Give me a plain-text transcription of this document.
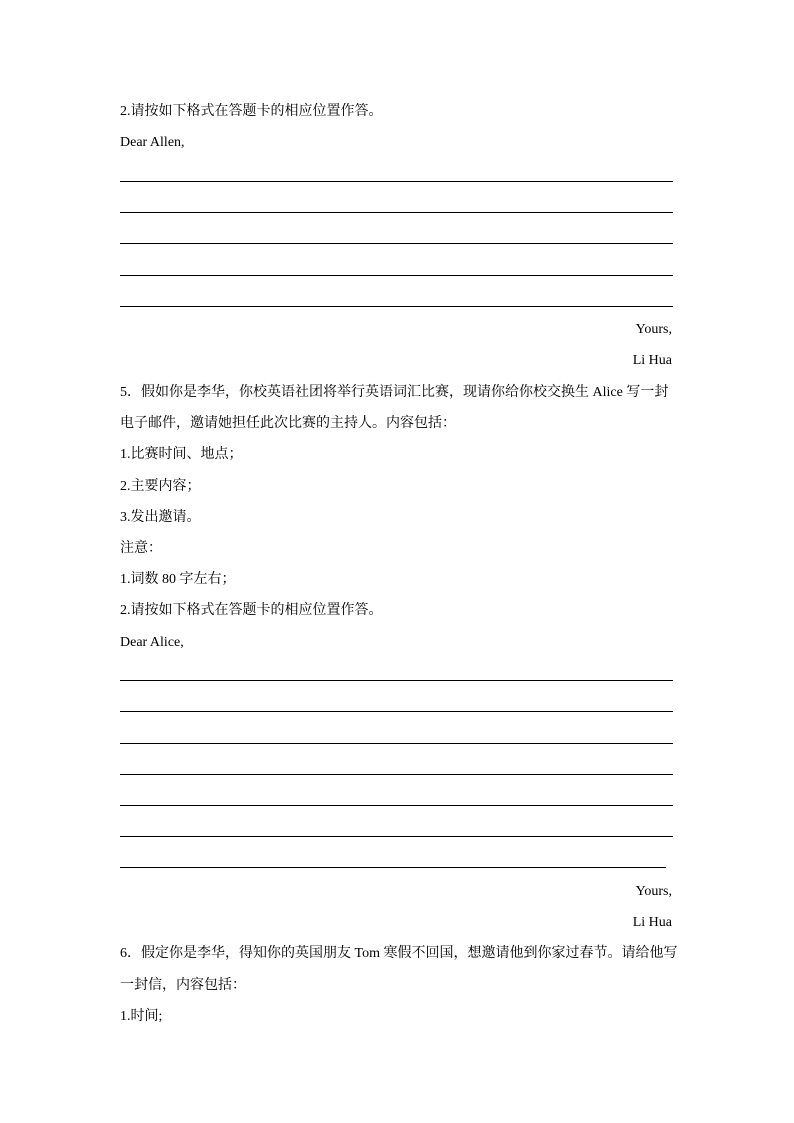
2.请按如下格式在答题卡的相应位置作答。
Dear Allen,
Yours,
Li Hua
5．假如你是李华，你校英语社团将举行英语词汇比赛，现请你给你校交换生 Alice 写一封
电子邮件，邀请她担任此次比赛的主持人。内容包括：
1.比赛时间、地点；
2.主要内容；
3.发出邀请。
注意：
1.词数 80 字左右；
2.请按如下格式在答题卡的相应位置作答。
Dear Alice,
Yours,
Li Hua
6．假定你是李华，得知你的英国朋友 Tom 寒假不回国，想邀请他到你家过春节。请给他写
一封信，内容包括：
1.时间;
